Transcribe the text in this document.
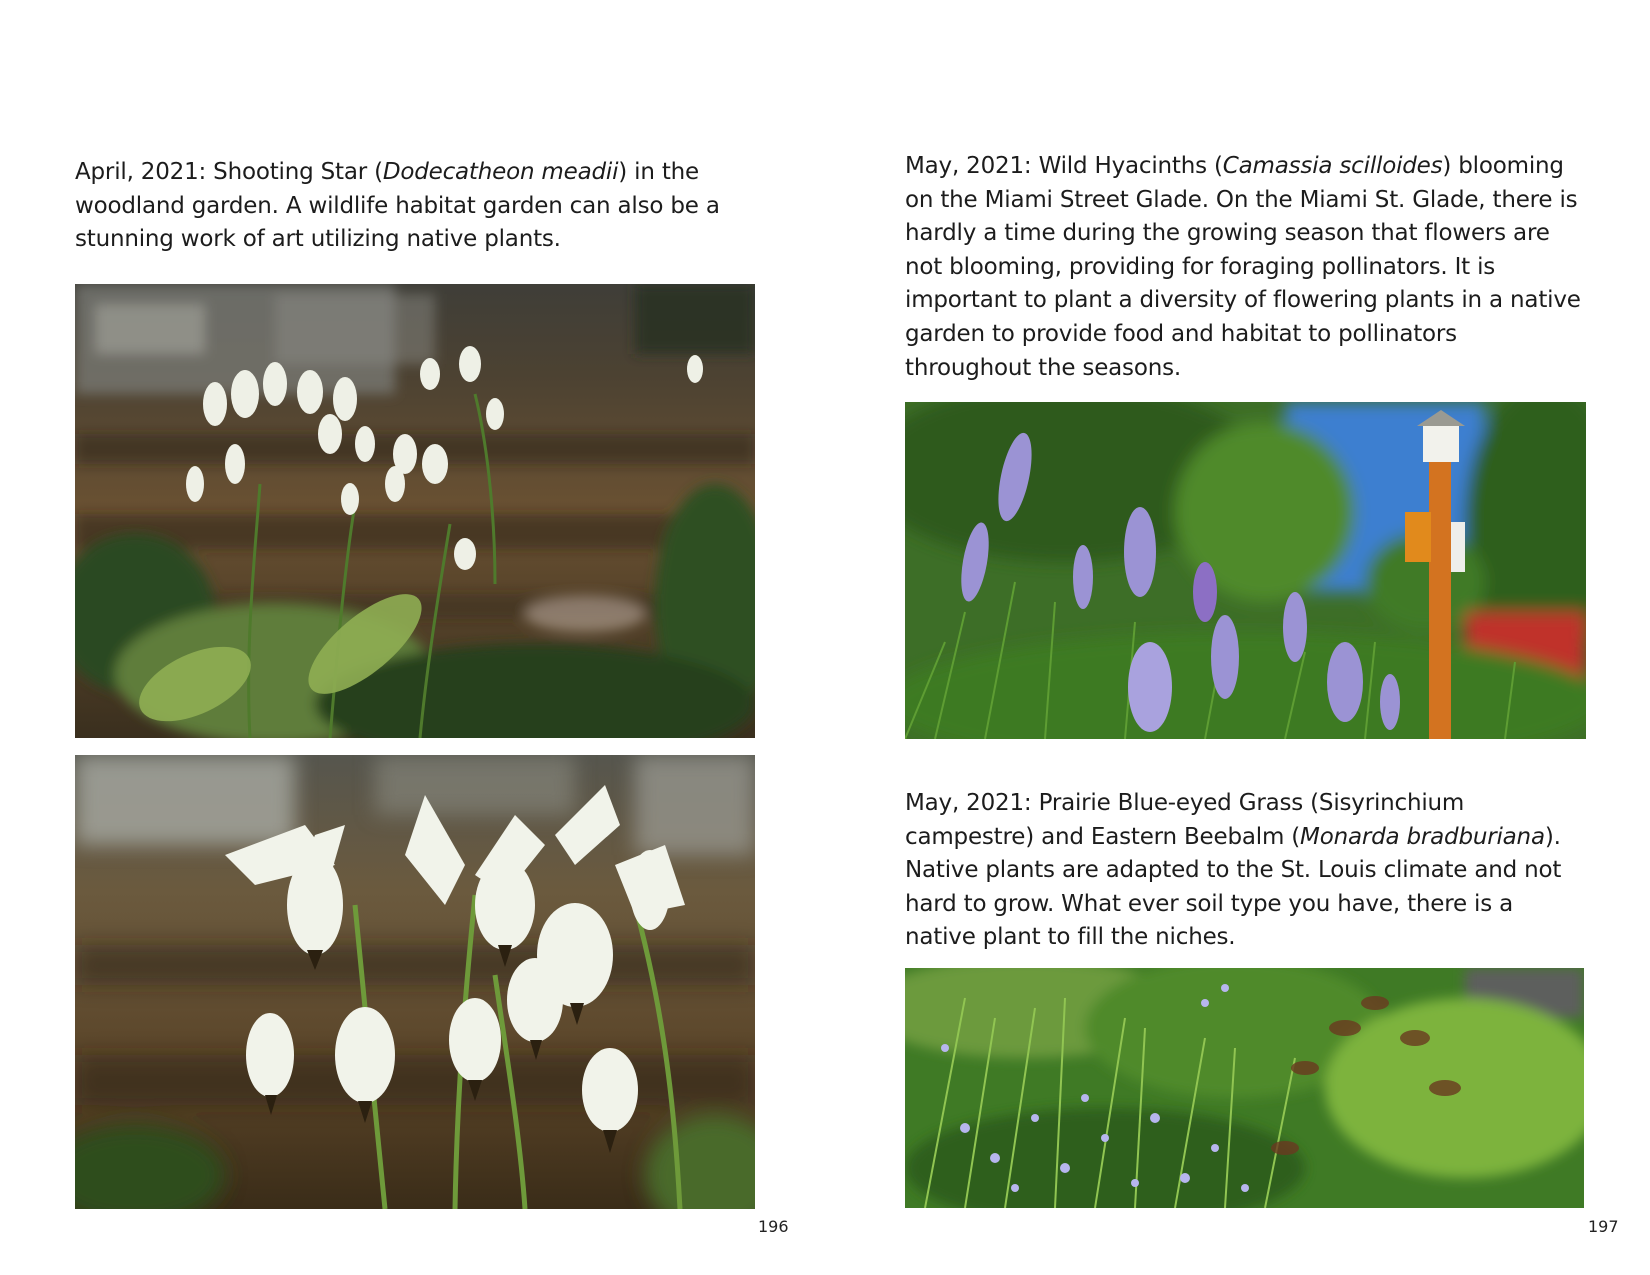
April, 2021: Shooting Star (Dodecatheon meadii) in the woodland garden. A wildlife habitat garden can also be a stunning work of art utilizing native plants.

196

May, 2021: Wild Hyacinths (Camassia scilloides) blooming on the Miami Street Glade. On the Miami St. Glade, there is hardly a time during the growing season that flowers are not blooming, providing for foraging pollinators. It is important to plant a diversity of flowering plants in a native garden to provide food and habitat to pollinators throughout the seasons.

May, 2021: Prairie Blue-eyed Grass (Sisyrinchium campestre) and Eastern Beebalm (Monarda bradburiana). Native plants are adapted to the St. Louis climate and not hard to grow. What ever soil type you have, there is a native plant to fill the niches.

197
